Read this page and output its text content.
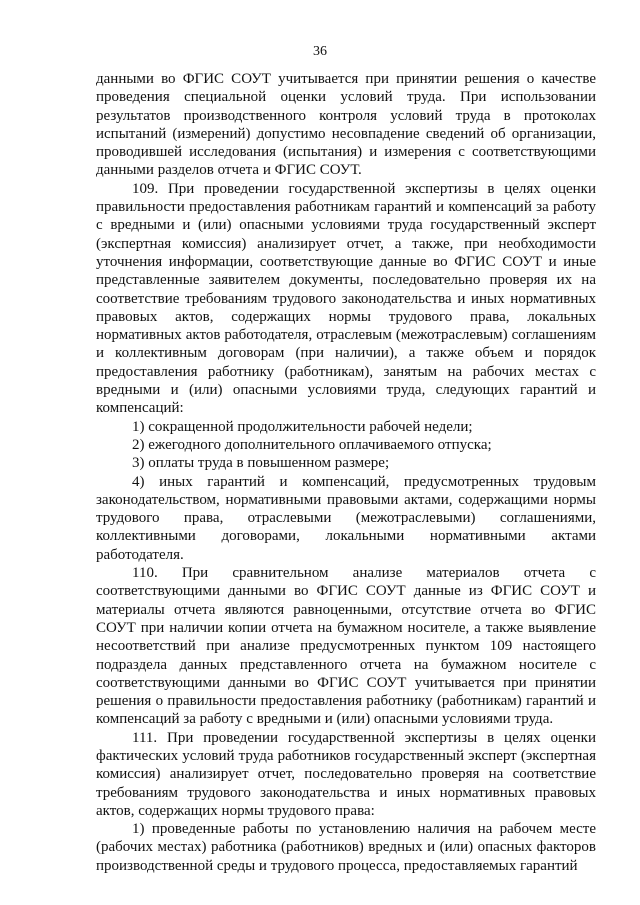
36

данными во ФГИС СОУТ учитывается при принятии решения о качестве проведения специальной оценки условий труда. При использовании результатов производственного контроля условий труда в протоколах испытаний (измерений) допустимо несовпадение сведений об организации, проводившей исследования (испытания) и измерения с соответствующими данными разделов отчета и ФГИС СОУТ.

109. При проведении государственной экспертизы в целях оценки правильности предоставления работникам гарантий и компенсаций за работу с вредными и (или) опасными условиями труда государственный эксперт (экспертная комиссия) анализирует отчет, а также, при необходимости уточнения информации, соответствующие данные во ФГИС СОУТ и иные представленные заявителем документы, последовательно проверяя их на соответствие требованиям трудового законодательства и иных нормативных правовых актов, содержащих нормы трудового права, локальных нормативных актов работодателя, отраслевым (межотраслевым) соглашениям и коллективным договорам (при наличии), а также объем и порядок предоставления работнику (работникам), занятым на рабочих местах с вредными и (или) опасными условиями труда, следующих гарантий и компенсаций:

1) сокращенной продолжительности рабочей недели;

2) ежегодного дополнительного оплачиваемого отпуска;

3) оплаты труда в повышенном размере;

4) иных гарантий и компенсаций, предусмотренных трудовым законодательством, нормативными правовыми актами, содержащими нормы трудового права, отраслевыми (межотраслевыми) соглашениями, коллективными договорами, локальными нормативными актами работодателя.

110. При сравнительном анализе материалов отчета с соответствующими данными во ФГИС СОУТ данные из ФГИС СОУТ и материалы отчета являются равноценными, отсутствие отчета во ФГИС СОУТ при наличии копии отчета на бумажном носителе, а также выявление несоответствий при анализе предусмотренных пунктом 109 настоящего подраздела данных представленного отчета на бумажном носителе с соответствующими данными во ФГИС СОУТ учитывается при принятии решения о правильности предоставления работнику (работникам) гарантий и компенсаций за работу с вредными и (или) опасными условиями труда.

111. При проведении государственной экспертизы в целях оценки фактических условий труда работников государственный эксперт (экспертная комиссия) анализирует отчет, последовательно проверяя на соответствие требованиям трудового законодательства и иных нормативных правовых актов, содержащих нормы трудового права:

1) проведенные работы по установлению наличия на рабочем месте (рабочих местах) работника (работников) вредных и (или) опасных факторов производственной среды и трудового процесса, предоставляемых гарантий
